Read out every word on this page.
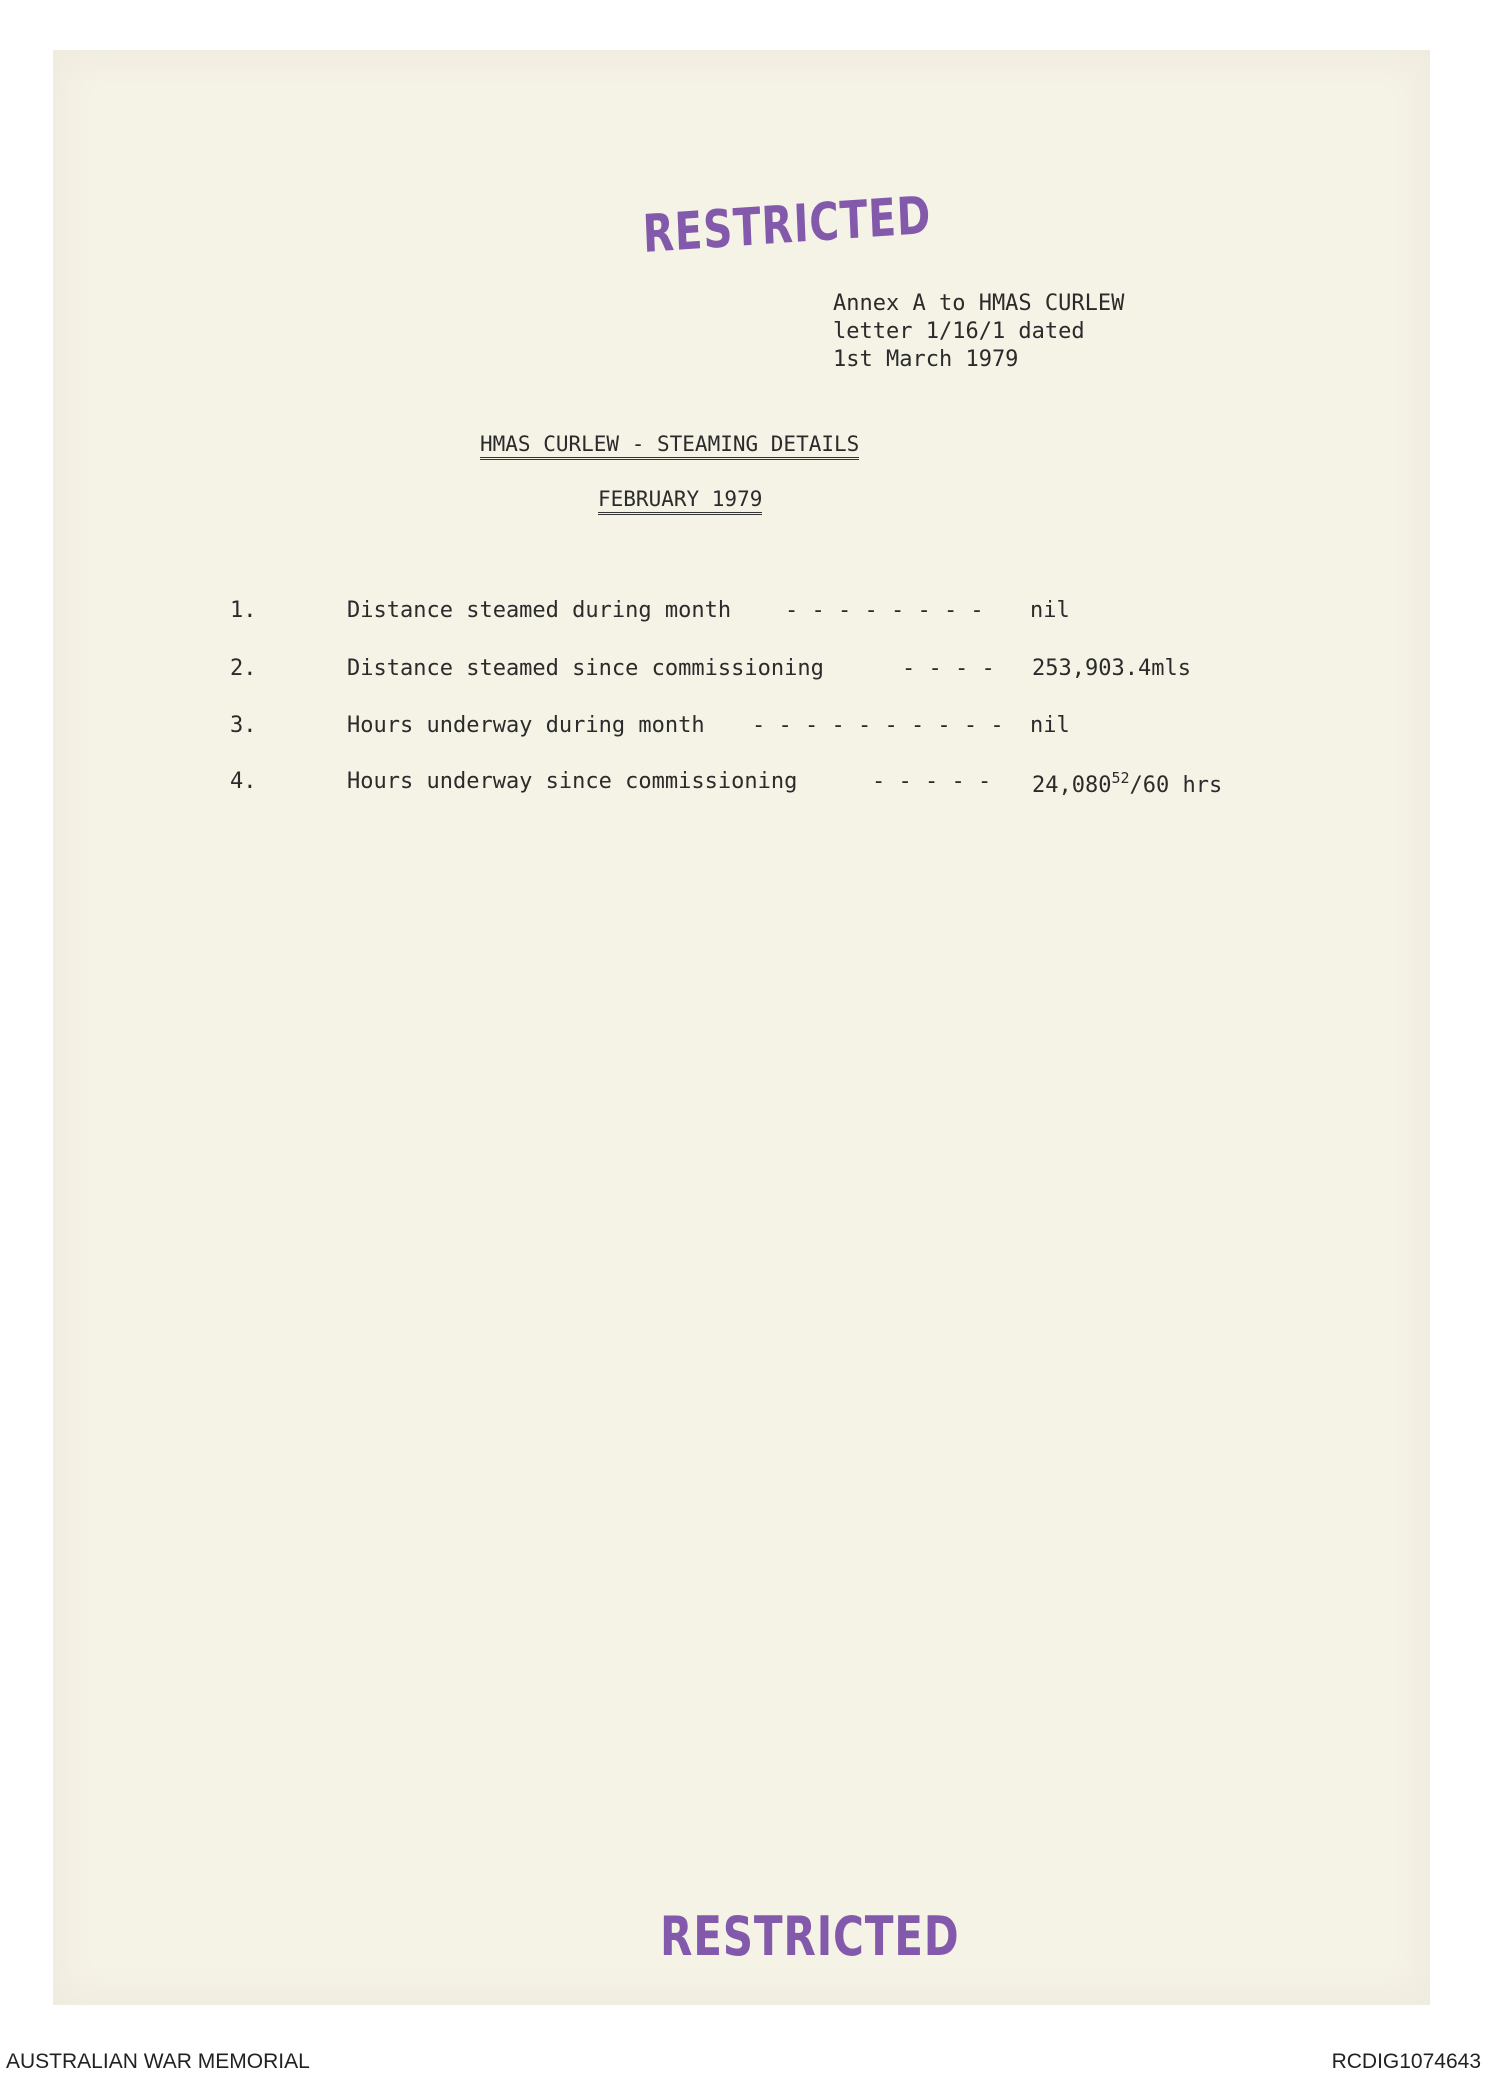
RESTRICTED
Annex A to HMAS CURLEW
letter 1/16/1 dated
1st March 1979
HMAS CURLEW - STEAMING DETAILS
FEBRUARY 1979
1.	Distance steamed during month - - - - - - - - nil
2.	Distance steamed since commissioning	- - - - 253,903.4mls
3.	Hours underway during month - - - - - - - - - - nil
4.	Hours underway since commissioning	- - - - - 24,080$^{52}$/60 hrs
RESTRICTED
AUSTRALIAN WAR MEMORIAL	RCDIG1074643
